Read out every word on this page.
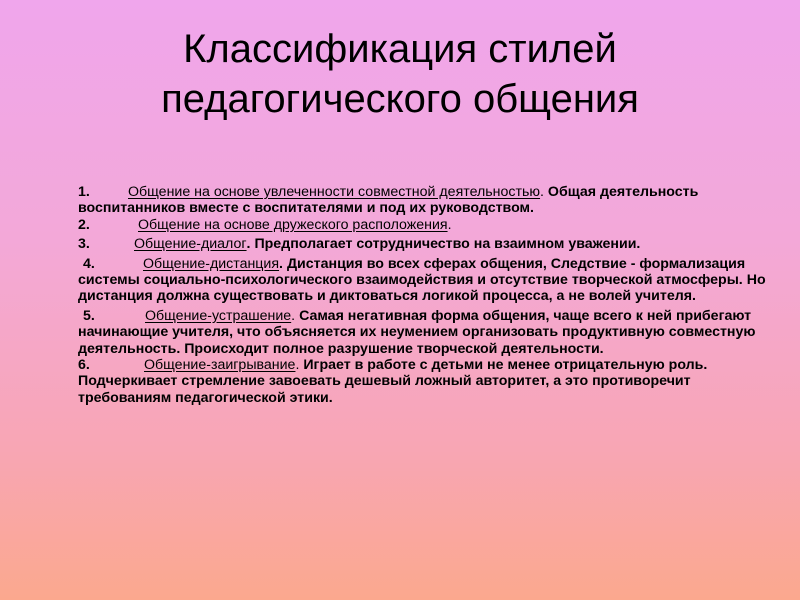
Классификация стилей
педагогического общения

1.	Общение на основе увлеченности совместной деятельностью. Общая деятельность воспитанников вместе с воспитателями и под их руководством.

2.	Общение на основе дружеского расположения.

3.	Общение-диалог. Предполагает сотрудничество на взаимном уважении.

4.	Общение-дистанция. Дистанция во всех сферах общения, Следствие - формализация системы социально-психологического взаимодействия и отсутствие творческой атмосферы. Но дистанция должна существовать и диктоваться логикой процесса, а не волей учителя.

5.	Общение-устрашение. Самая негативная форма общения, чаще всего к ней прибегают начинающие учителя, что объясняется их неумением организовать продуктивную совместную деятельность. Происходит полное разрушение творческой деятельности.

6.	Общение-заигрывание. Играет в работе с детьми не менее отрицательную роль. Подчеркивает стремление завоевать дешевый ложный авторитет, а это противоречит требованиям педагогической этики.
